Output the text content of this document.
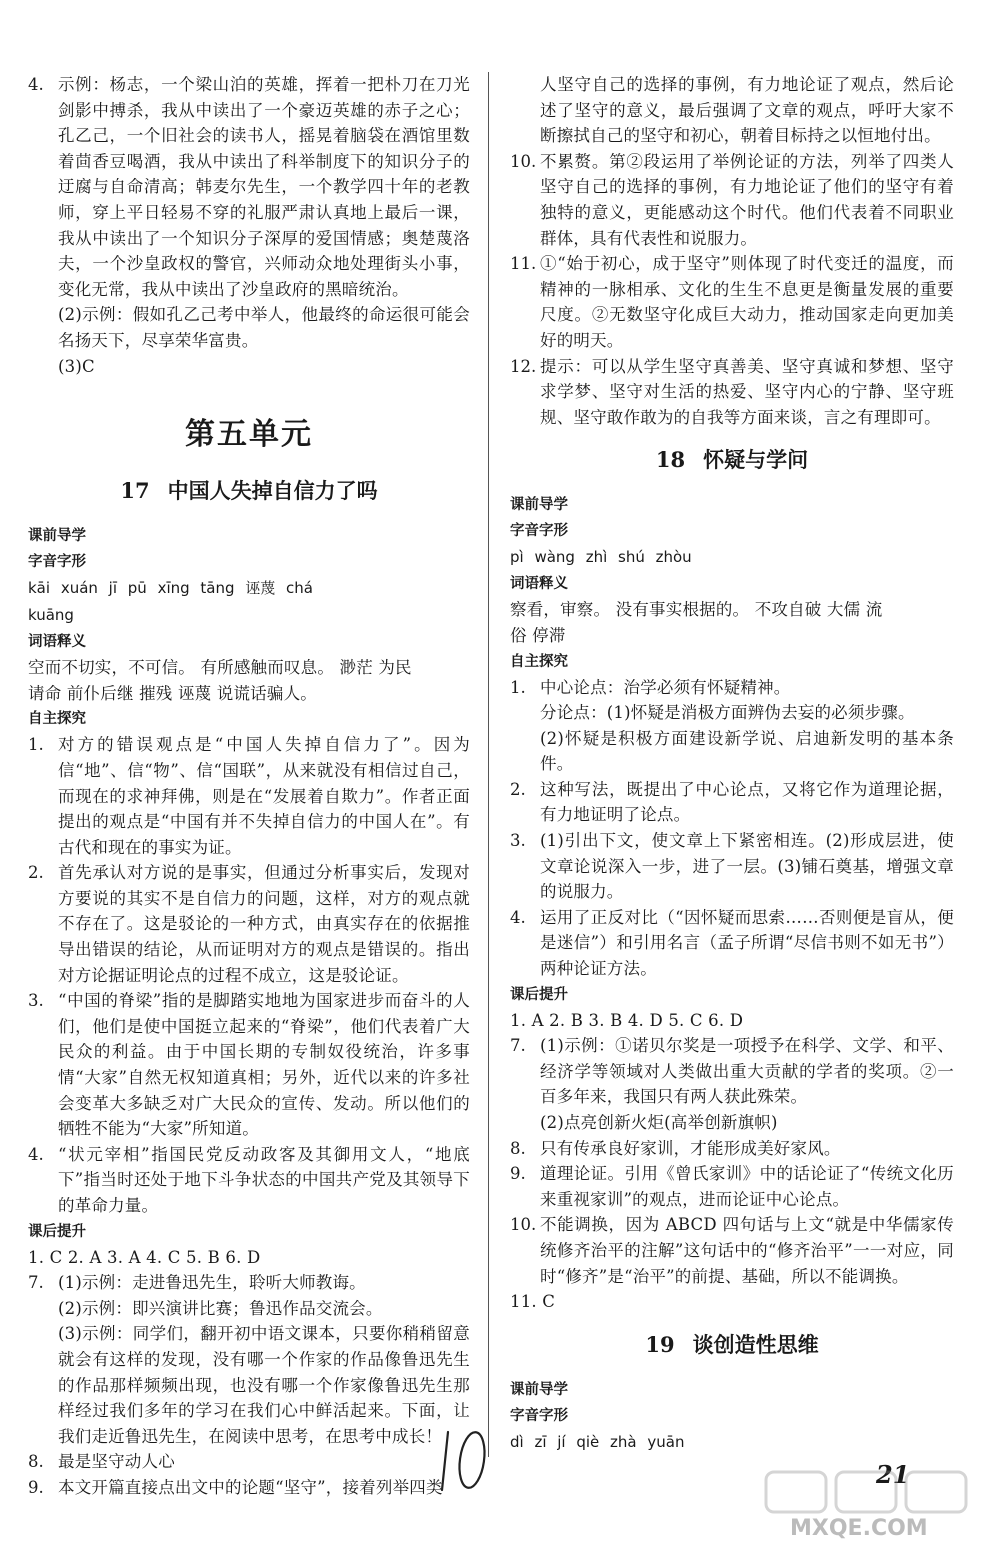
4. 示例：杨志，一个梁山泊的英雄，挥着一把朴刀在刀光剑影中搏杀，我从中读出了一个豪迈英雄的赤子之心；孔乙己，一个旧社会的读书人，摇晃着脑袋在酒馆里数着茴香豆喝酒，我从中读出了科举制度下的知识分子的迂腐与自命清高；韩麦尔先生，一个教学四十年的老教师，穿上平日轻易不穿的礼服严肃认真地上最后一课，我从中读出了一个知识分子深厚的爱国情感；奥楚蔑洛夫，一个沙皇政权的警官，兴师动众地处理街头小事，变化无常，我从中读出了沙皇政府的黑暗统治。

(2)示例：假如孔乙己考中举人，他最终的命运很可能会名扬天下，尽享荣华富贵。

(3)C

第五单元
17 中国人失掉自信力了吗

课前导学

字音字形

kāi xuán jī pū xīng tāng 诬蔑 chá
kuāng

词语释义

空而不切实，不可信。 有所感触而叹息。 渺茫 为民

请命 前仆后继 摧残 诬蔑 说谎话骗人。

自主探究

1. 对方的错误观点是“中国人失掉自信力了”。因为信“地”、信“物”、信“国联”，从来就没有相信过自己，而现在的求神拜佛，则是在“发展着自欺力”。作者正面提出的观点是“中国有并不失掉自信力的中国人在”。有古代和现在的事实为证。

2. 首先承认对方说的是事实，但通过分析事实后，发现对方要说的其实不是自信力的问题，这样，对方的观点就不存在了。这是驳论的一种方式，由真实存在的依据推导出错误的结论，从而证明对方的观点是错误的。指出对方论据证明论点的过程不成立，这是驳论证。

3. “中国的脊梁”指的是脚踏实地地为国家进步而奋斗的人们，他们是使中国挺立起来的“脊梁”，他们代表着广大民众的利益。由于中国长期的专制奴役统治，许多事情“大家”自然无权知道真相；另外，近代以来的许多社会变革大多缺乏对广大民众的宣传、发动。所以他们的牺牲不能为“大家”所知道。

4. “状元宰相”指国民党反动政客及其御用文人，“地底下”指当时还处于地下斗争状态的中国共产党及其领导下的革命力量。

课后提升

1. C 2. A 3. A 4. C 5. B 6. D

7. (1)示例：走进鲁迅先生，聆听大师教诲。

(2)示例：即兴演讲比赛；鲁迅作品交流会。

(3)示例：同学们，翻开初中语文课本，只要你稍稍留意就会有这样的发现，没有哪一个作家的作品像鲁迅先生的作品那样频频出现，也没有哪一个作家像鲁迅先生那样经过我们多年的学习在我们心中鲜活起来。下面，让我们走近鲁迅先生，在阅读中思考，在思考中成长！

8. 最是坚守动人心

9. 本文开篇直接点出文中的论题“坚守”，接着列举四类

人坚守自己的选择的事例，有力地论证了观点，然后论述了坚守的意义，最后强调了文章的观点，呼吁大家不断擦拭自己的坚守和初心，朝着目标持之以恒地付出。

10. 不累赘。第②段运用了举例论证的方法，列举了四类人坚守自己的选择的事例，有力地论证了他们的坚守有着独特的意义，更能感动这个时代。他们代表着不同职业群体，具有代表性和说服力。

11. ①“始于初心，成于坚守”则体现了时代变迁的温度，而精神的一脉相承、文化的生生不息更是衡量发展的重要尺度。②无数坚守化成巨大动力，推动国家走向更加美好的明天。

12. 提示：可以从学生坚守真善美、坚守真诚和梦想、坚守求学梦、坚守对生活的热爱、坚守内心的宁静、坚守班规、坚守敢作敢为的自我等方面来谈，言之有理即可。

18 怀疑与学问

课前导学

字音字形

pì wàng zhì shú zhòu

词语释义

察看，审察。 没有事实根据的。 不攻自破 大儒 流

俗 停滞

自主探究

1. 中心论点：治学必须有怀疑精神。

分论点：(1)怀疑是消极方面辨伪去妄的必须步骤。

(2)怀疑是积极方面建设新学说、启迪新发明的基本条件。

2. 这种写法，既提出了中心论点，又将它作为道理论据，有力地证明了论点。

3. (1)引出下文，使文章上下紧密相连。(2)形成层进，使文章论说深入一步，进了一层。(3)铺石奠基，增强文章的说服力。

4. 运用了正反对比（“因怀疑而思索……否则便是盲从，便是迷信”）和引用名言（孟子所谓“尽信书则不如无书”）两种论证方法。

课后提升

1. A 2. B 3. B 4. D 5. C 6. D

7. (1)示例：①诺贝尔奖是一项授予在科学、文学、和平、经济学等领域对人类做出重大贡献的学者的奖项。②一百多年来，我国只有两人获此殊荣。

(2)点亮创新火炬(高举创新旗帜)

8. 只有传承良好家训，才能形成美好家风。

9. 道理论证。引用《曾氏家训》中的话论证了“传统文化历来重视家训”的观点，进而论证中心论点。

10. 不能调换，因为 ABCD 四句话与上文“就是中华儒家传统修齐治平的注解”这句话中的“修齐治平”一一对应，同时“修齐”是“治平”的前提、基础，所以不能调换。

11. C

19 谈创造性思维

课前导学

字音字形

dì zī jí qiè zhà yuān
21
MXQE.COM
